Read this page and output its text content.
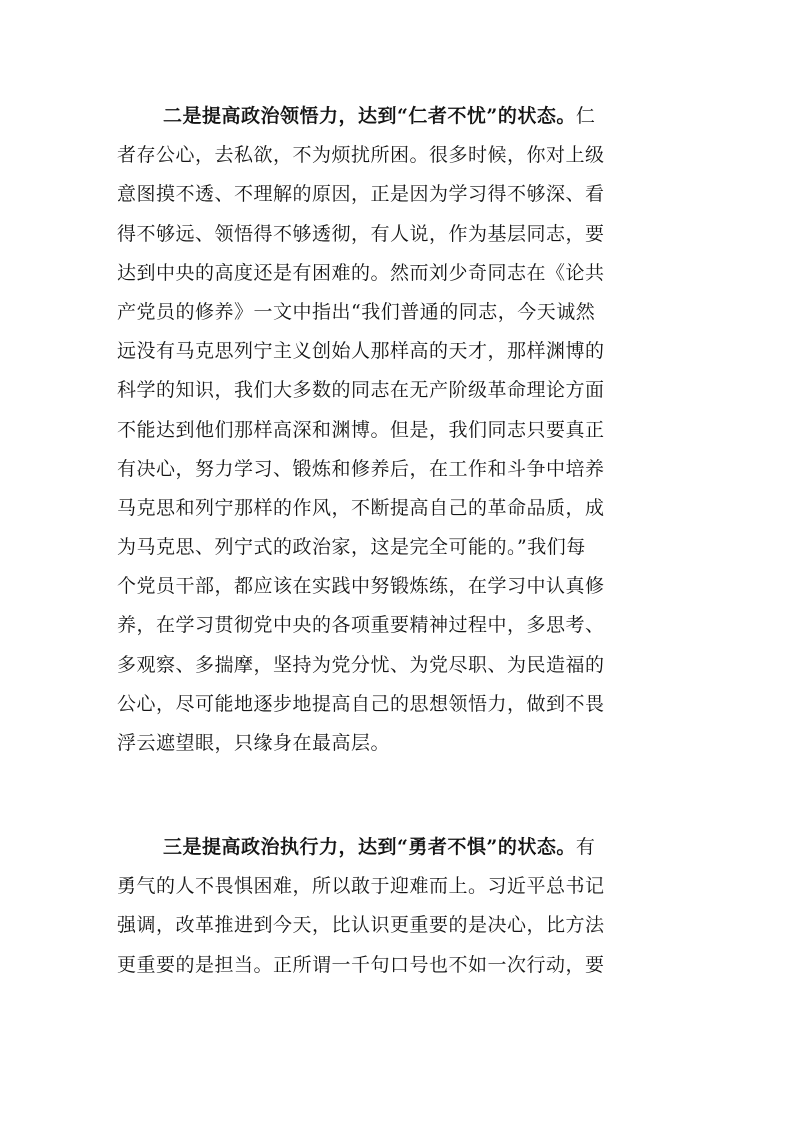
二是提高政治领悟力，达到“仁者不忧”的状态。仁
者存公心，去私欲，不为烦扰所困。很多时候，你对上级
意图摸不透、不理解的原因，正是因为学习得不够深、看
得不够远、领悟得不够透彻，有人说，作为基层同志，要
达到中央的高度还是有困难的。然而刘少奇同志在《论共
产党员的修养》一文中指出“我们普通的同志，今天诚然
远没有马克思列宁主义创始人那样高的天才，那样渊博的
科学的知识，我们大多数的同志在无产阶级革命理论方面
不能达到他们那样高深和渊博。但是，我们同志只要真正
有决心，努力学习、锻炼和修养后，在工作和斗争中培养
马克思和列宁那样的作风，不断提高自己的革命品质，成
为马克思、列宁式的政治家，这是完全可能的。”我们每
个党员干部，都应该在实践中努锻炼练，在学习中认真修
养，在学习贯彻党中央的各项重要精神过程中，多思考、
多观察、多揣摩，坚持为党分忧、为党尽职、为民造福的
公心，尽可能地逐步地提高自己的思想领悟力，做到不畏
浮云遮望眼，只缘身在最高层。
三是提高政治执行力，达到“勇者不惧”的状态。有
勇气的人不畏惧困难，所以敢于迎难而上。习近平总书记
强调，改革推进到今天，比认识更重要的是决心，比方法
更重要的是担当。正所谓一千句口号也不如一次行动，要
